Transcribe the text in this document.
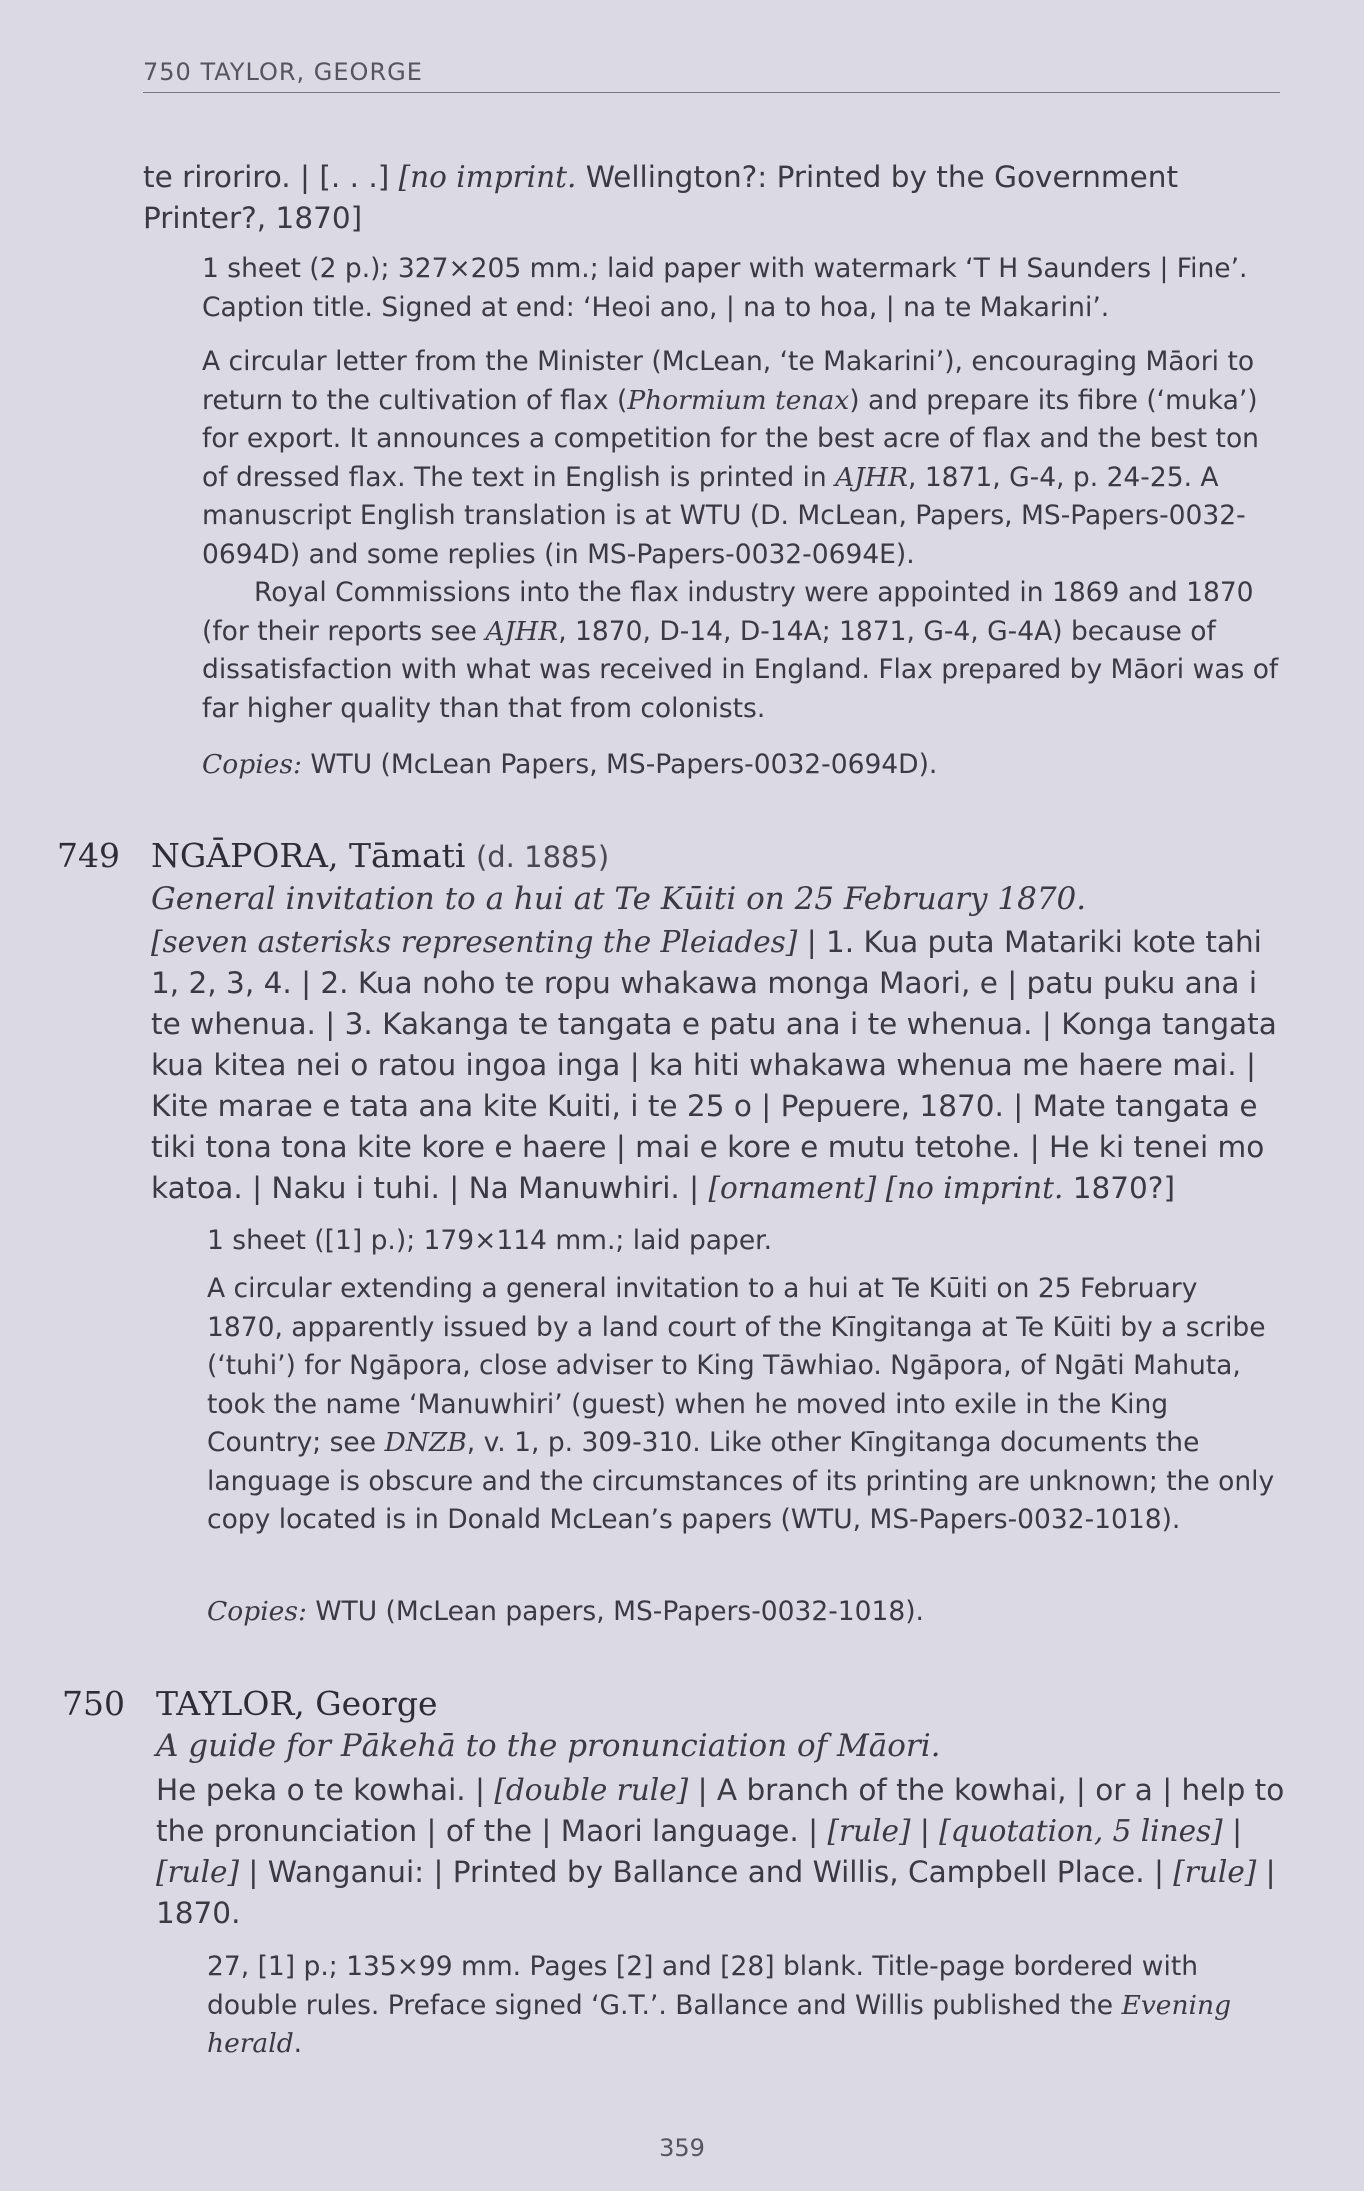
750 TAYLOR, GEORGE

te riroriro. | [. . .] [no imprint. Wellington?: Printed by the Government Printer?, 1870]

1 sheet (2 p.); 327×205 mm.; laid paper with watermark ‘T H Saunders | Fine’. Caption title. Signed at end: ‘Heoi ano, | na to hoa, | na te Makarini’.

A circular letter from the Minister (McLean, ‘te Makarini’), encouraging Māori to return to the cultivation of flax (Phormium tenax) and prepare its fibre (‘muka’) for export. It announces a competition for the best acre of flax and the best ton of dressed flax. The text in English is printed in AJHR, 1871, G-4, p. 24-25. A manuscript English translation is at WTU (D. McLean, Papers, MS-Papers-0032-0694D) and some replies (in MS-Papers-0032-0694E).

Royal Commissions into the flax industry were appointed in 1869 and 1870 (for their reports see AJHR, 1870, D-14, D-14A; 1871, G-4, G-4A) because of dissatisfaction with what was received in England. Flax prepared by Māori was of far higher quality than that from colonists.

Copies: WTU (McLean Papers, MS-Papers-0032-0694D).

749 NGĀPORA, Tāmati (d. 1885)
General invitation to a hui at Te Kūiti on 25 February 1870.

[seven asterisks representing the Pleiades] | 1. Kua puta Matariki kote tahi 1, 2, 3, 4. | 2. Kua noho te ropu whakawa monga Maori, e | patu puku ana i te whenua. | 3. Kakanga te tangata e patu ana i te whenua. | Konga tangata kua kitea nei o ratou ingoa inga | ka hiti whakawa whenua me haere mai. | Kite marae e tata ana kite Kuiti, i te 25 o | Pepuere, 1870. | Mate tangata e tiki tona tona kite kore e haere | mai e kore e mutu tetohe. | He ki tenei mo katoa. | Naku i tuhi. | Na Manuwhiri. | [ornament] [no imprint. 1870?]

1 sheet ([1] p.); 179×114 mm.; laid paper.

A circular extending a general invitation to a hui at Te Kūiti on 25 February 1870, apparently issued by a land court of the Kīngitanga at Te Kūiti by a scribe (‘tuhi’) for Ngāpora, close adviser to King Tāwhiao. Ngāpora, of Ngāti Mahuta, took the name ‘Manuwhiri’ (guest) when he moved into exile in the King Country; see DNZB, v. 1, p. 309-310. Like other Kīngitanga documents the language is obscure and the circumstances of its printing are unknown; the only copy located is in Donald McLean’s papers (WTU, MS-Papers-0032-1018).

Copies: WTU (McLean papers, MS-Papers-0032-1018).

750 TAYLOR, George
A guide for Pākehā to the pronunciation of Māori.

He peka o te kowhai. | [double rule] | A branch of the kowhai, | or a | help to the pronunciation | of the | Maori language. | [rule] | [quotation, 5 lines] | [rule] | Wanganui: | Printed by Ballance and Willis, Campbell Place. | [rule] | 1870.

27, [1] p.; 135×99 mm. Pages [2] and [28] blank. Title-page bordered with double rules. Preface signed ‘G.T.’. Ballance and Willis published the Evening herald.

359
